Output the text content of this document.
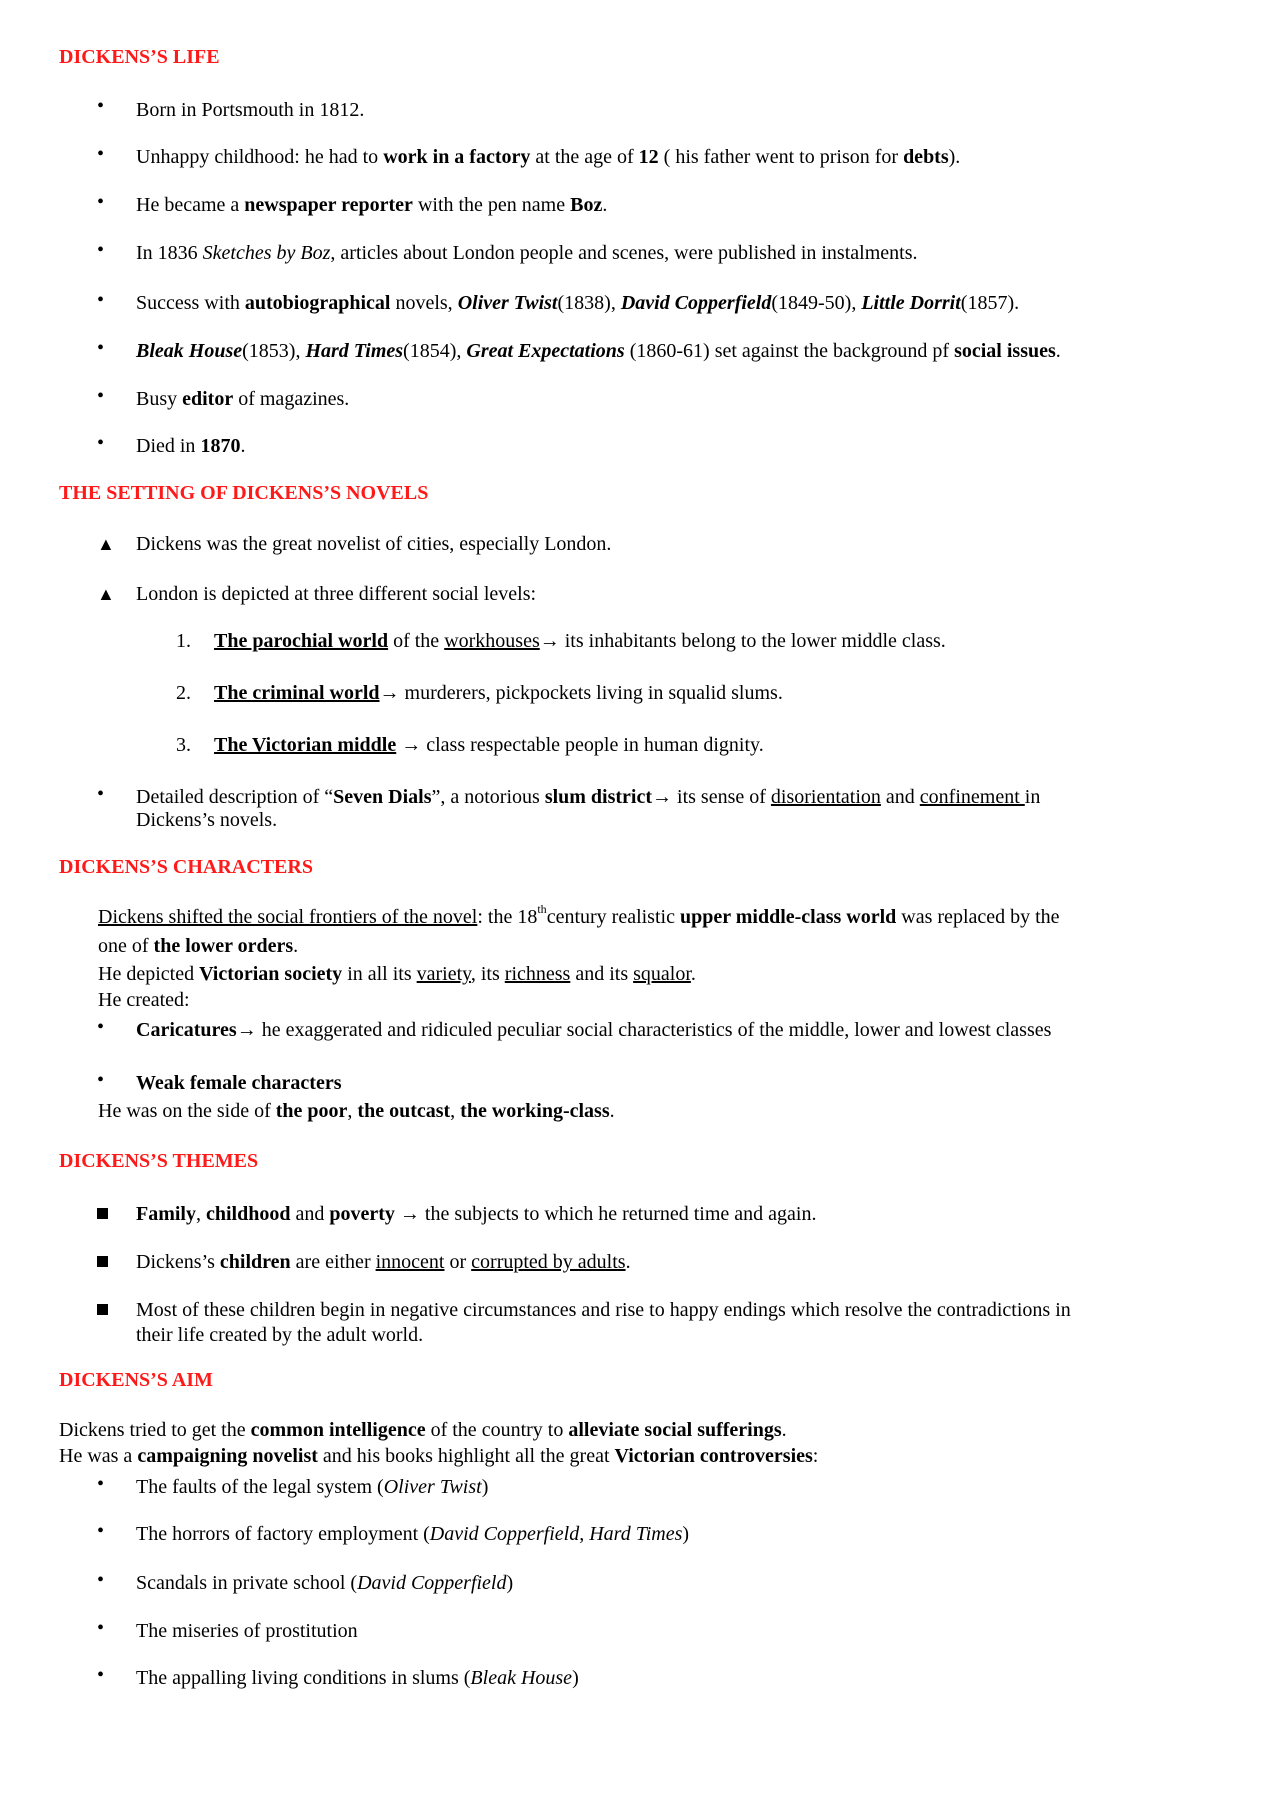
DICKENS’S LIFE
• Born in Portsmouth in 1812.
• Unhappy childhood: he had to work in a factory at the age of 12 ( his father went to prison for debts).
• He became a newspaper reporter with the pen name Boz.
• In 1836 Sketches by Boz, articles about London people and scenes, were published in instalments.
• Success with autobiographical novels, Oliver Twist(1838), David Copperfield(1849-50), Little Dorrit(1857).
• Bleak House(1853), Hard Times(1854), Great Expectations (1860-61) set against the background pf social issues.
• Busy editor of magazines.
• Died in 1870.
THE SETTING OF DICKENS’S NOVELS
▲ Dickens was the great novelist of cities, especially London.
▲ London is depicted at three different social levels:
1. The parochial world of the workhouses→ its inhabitants belong to the lower middle class.
2. The criminal world→ murderers, pickpockets living in squalid slums.
3. The Victorian middle → class respectable people in human dignity.
• Detailed description of “Seven Dials”, a notorious slum district→ its sense of disorientation and confinement in
Dickens’s novels.
DICKENS’S CHARACTERS
Dickens shifted the social frontiers of the novel: the 18thcentury realistic upper middle-class world was replaced by the
one of the lower orders.
He depicted Victorian society in all its variety, its richness and its squalor.
He created:
• Caricatures→ he exaggerated and ridiculed peculiar social characteristics of the middle, lower and lowest classes
• Weak female characters
He was on the side of the poor, the outcast, the working-class.
DICKENS’S THEMES
Family, childhood and poverty → the subjects to which he returned time and again.
Dickens’s children are either innocent or corrupted by adults.
Most of these children begin in negative circumstances and rise to happy endings which resolve the contradictions in
their life created by the adult world.
DICKENS’S AIM
Dickens tried to get the common intelligence of the country to alleviate social sufferings.
He was a campaigning novelist and his books highlight all the great Victorian controversies:
• The faults of the legal system (Oliver Twist)
• The horrors of factory employment (David Copperfield, Hard Times)
• Scandals in private school (David Copperfield)
• The miseries of prostitution
• The appalling living conditions in slums (Bleak House)
